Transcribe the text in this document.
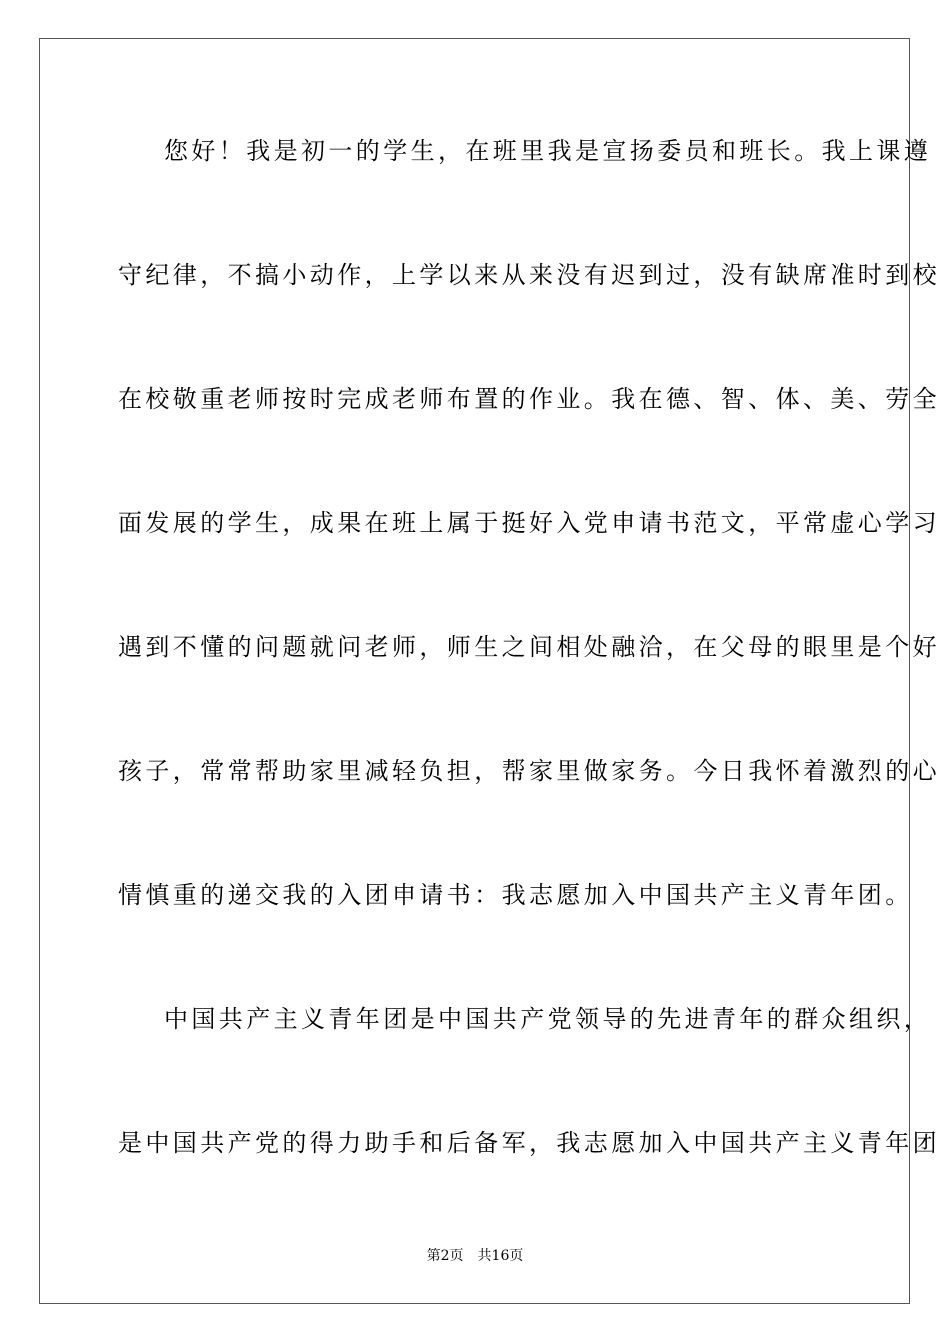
您好！我是初一的学生，在班里我是宣扬委员和班长。我上课遵
守纪律，不搞小动作，上学以来从来没有迟到过，没有缺席准时到校
在校敬重老师按时完成老师布置的作业。我在德、智、体、美、劳全
面发展的学生，成果在班上属于挺好入党申请书范文，平常虚心学习
遇到不懂的问题就问老师，师生之间相处融洽，在父母的眼里是个好
孩子，常常帮助家里减轻负担，帮家里做家务。今日我怀着激烈的心
情慎重的递交我的入团申请书：我志愿加入中国共产主义青年团。
中国共产主义青年团是中国共产党领导的先进青年的群众组织，
是中国共产党的得力助手和后备军，我志愿加入中国共产主义青年团
第2页 共16页
